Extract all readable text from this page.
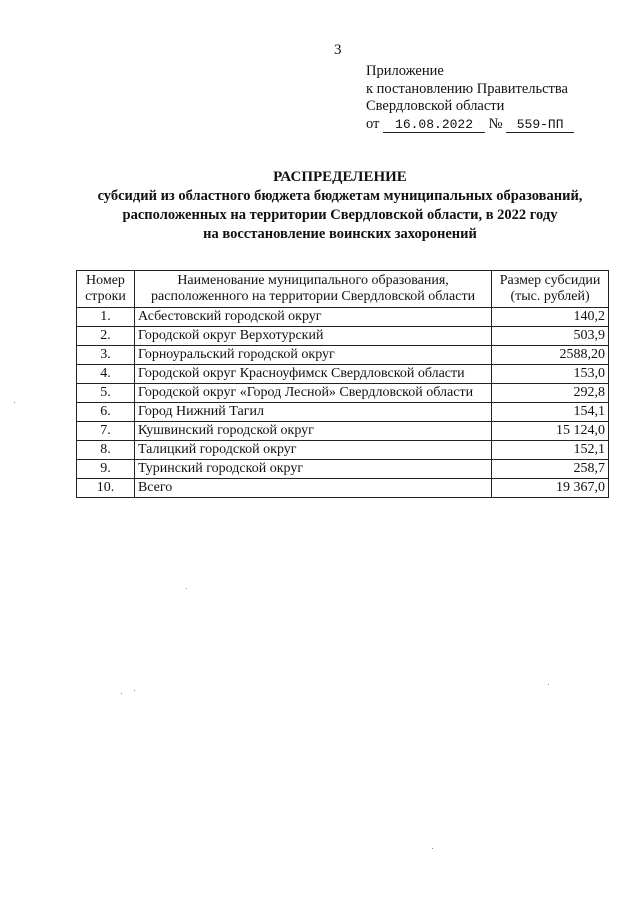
3
Приложение
к постановлению Правительства
Свердловской области
от 16.08.2022 № 559-ПП
РАСПРЕДЕЛЕНИЕ
субсидий из областного бюджета бюджетам муниципальных образований,
расположенных на территории Свердловской области, в 2022 году
на восстановление воинских захоронений
Номер строки	Наименование муниципального образования, расположенного на территории Свердловской области	Размер субсидии (тыс. рублей)
1.	Асбестовский городской округ	140,2
2.	Городской округ Верхотурский	503,9
3.	Горноуральский городской округ	2588,20
4.	Городской округ Красноуфимск Свердловской области	153,0
5.	Городской округ «Город Лесной» Свердловской области	292,8
6.	Город Нижний Тагил	154,1
7.	Кушвинский городской округ	15 124,0
8.	Талицкий городской округ	152,1
9.	Туринский городской округ	258,7
10.	Всего	19 367,0
